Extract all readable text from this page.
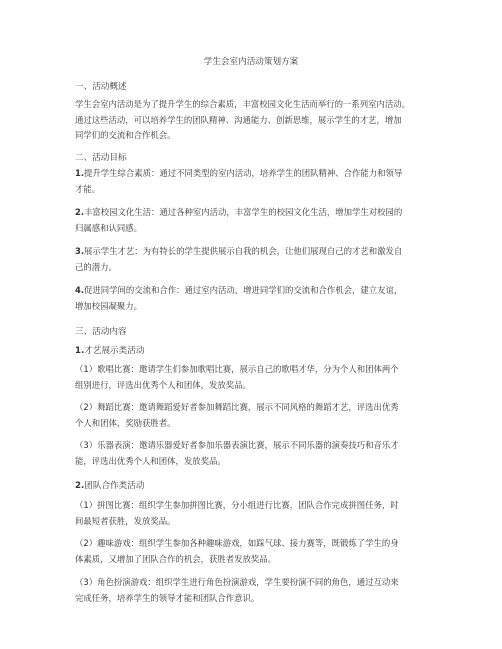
学生会室内活动策划方案
一、活动概述
学生会室内活动是为了提升学生的综合素质，丰富校园文化生活而举行的一系列室内活动。
通过这些活动，可以培养学生的团队精神、沟通能力、创新思维，展示学生的才艺，增加
同学们的交流和合作机会。
二、活动目标
1.提升学生综合素质：通过不同类型的室内活动，培养学生的团队精神、合作能力和领导
才能。
2.丰富校园文化生活：通过各种室内活动，丰富学生的校园文化生活，增加学生对校园的
归属感和认同感。
3.展示学生才艺：为有特长的学生提供展示自我的机会，让他们展现自己的才艺和激发自
己的潜力。
4.促进同学间的交流和合作：通过室内活动，增进同学们的交流和合作机会，建立友谊，
增加校园凝聚力。
三、活动内容
1.才艺展示类活动
（1）歌唱比赛：邀请学生们参加歌唱比赛，展示自己的歌唱才华，分为个人和团体两个
组别进行，评选出优秀个人和团体，发放奖品。
（2）舞蹈比赛：邀请舞蹈爱好者参加舞蹈比赛，展示不同风格的舞蹈才艺，评选出优秀
个人和团体，奖励获胜者。
（3）乐器表演：邀请乐器爱好者参加乐器表演比赛，展示不同乐器的演奏技巧和音乐才
能，评选出优秀个人和团体，发放奖品。
2.团队合作类活动
（1）拼图比赛：组织学生参加拼图比赛，分小组进行比赛，团队合作完成拼图任务，时
间最短者获胜，发放奖品。
（2）趣味游戏：组织学生参加各种趣味游戏，如踩气球、接力赛等，既锻炼了学生的身
体素质，又增加了团队合作的机会，获胜者发放奖品。
（3）角色扮演游戏：组织学生进行角色扮演游戏，学生要扮演不同的角色，通过互动来
完成任务，培养学生的领导才能和团队合作意识。
